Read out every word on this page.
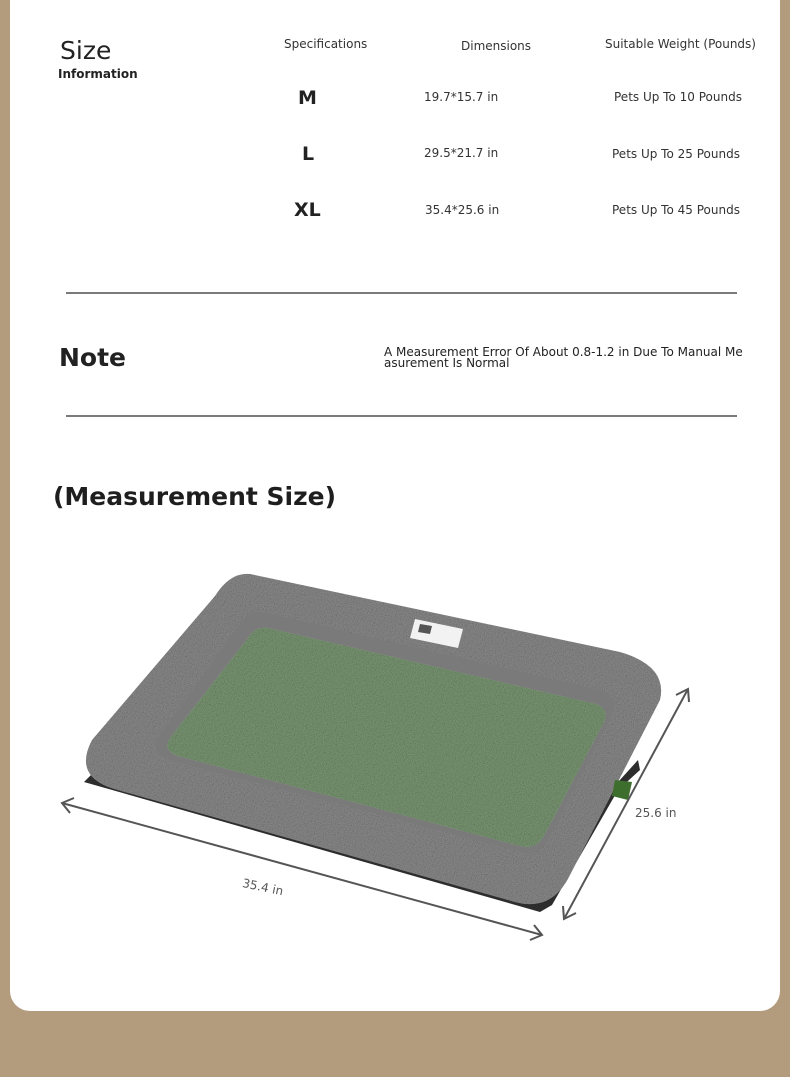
Size
Information
Specifications	Dimensions	Suitable Weight (Pounds)
M	19.7*15.7 in	Pets Up To 10 Pounds
L	29.5*21.7 in	Pets Up To 25 Pounds
XL	35.4*25.6 in	Pets Up To 45 Pounds
Note	A Measurement Error Of About 0.8-1.2 in Due To Manual Measurement Is Normal
(Measurement Size)
35.4 in
25.6 in
